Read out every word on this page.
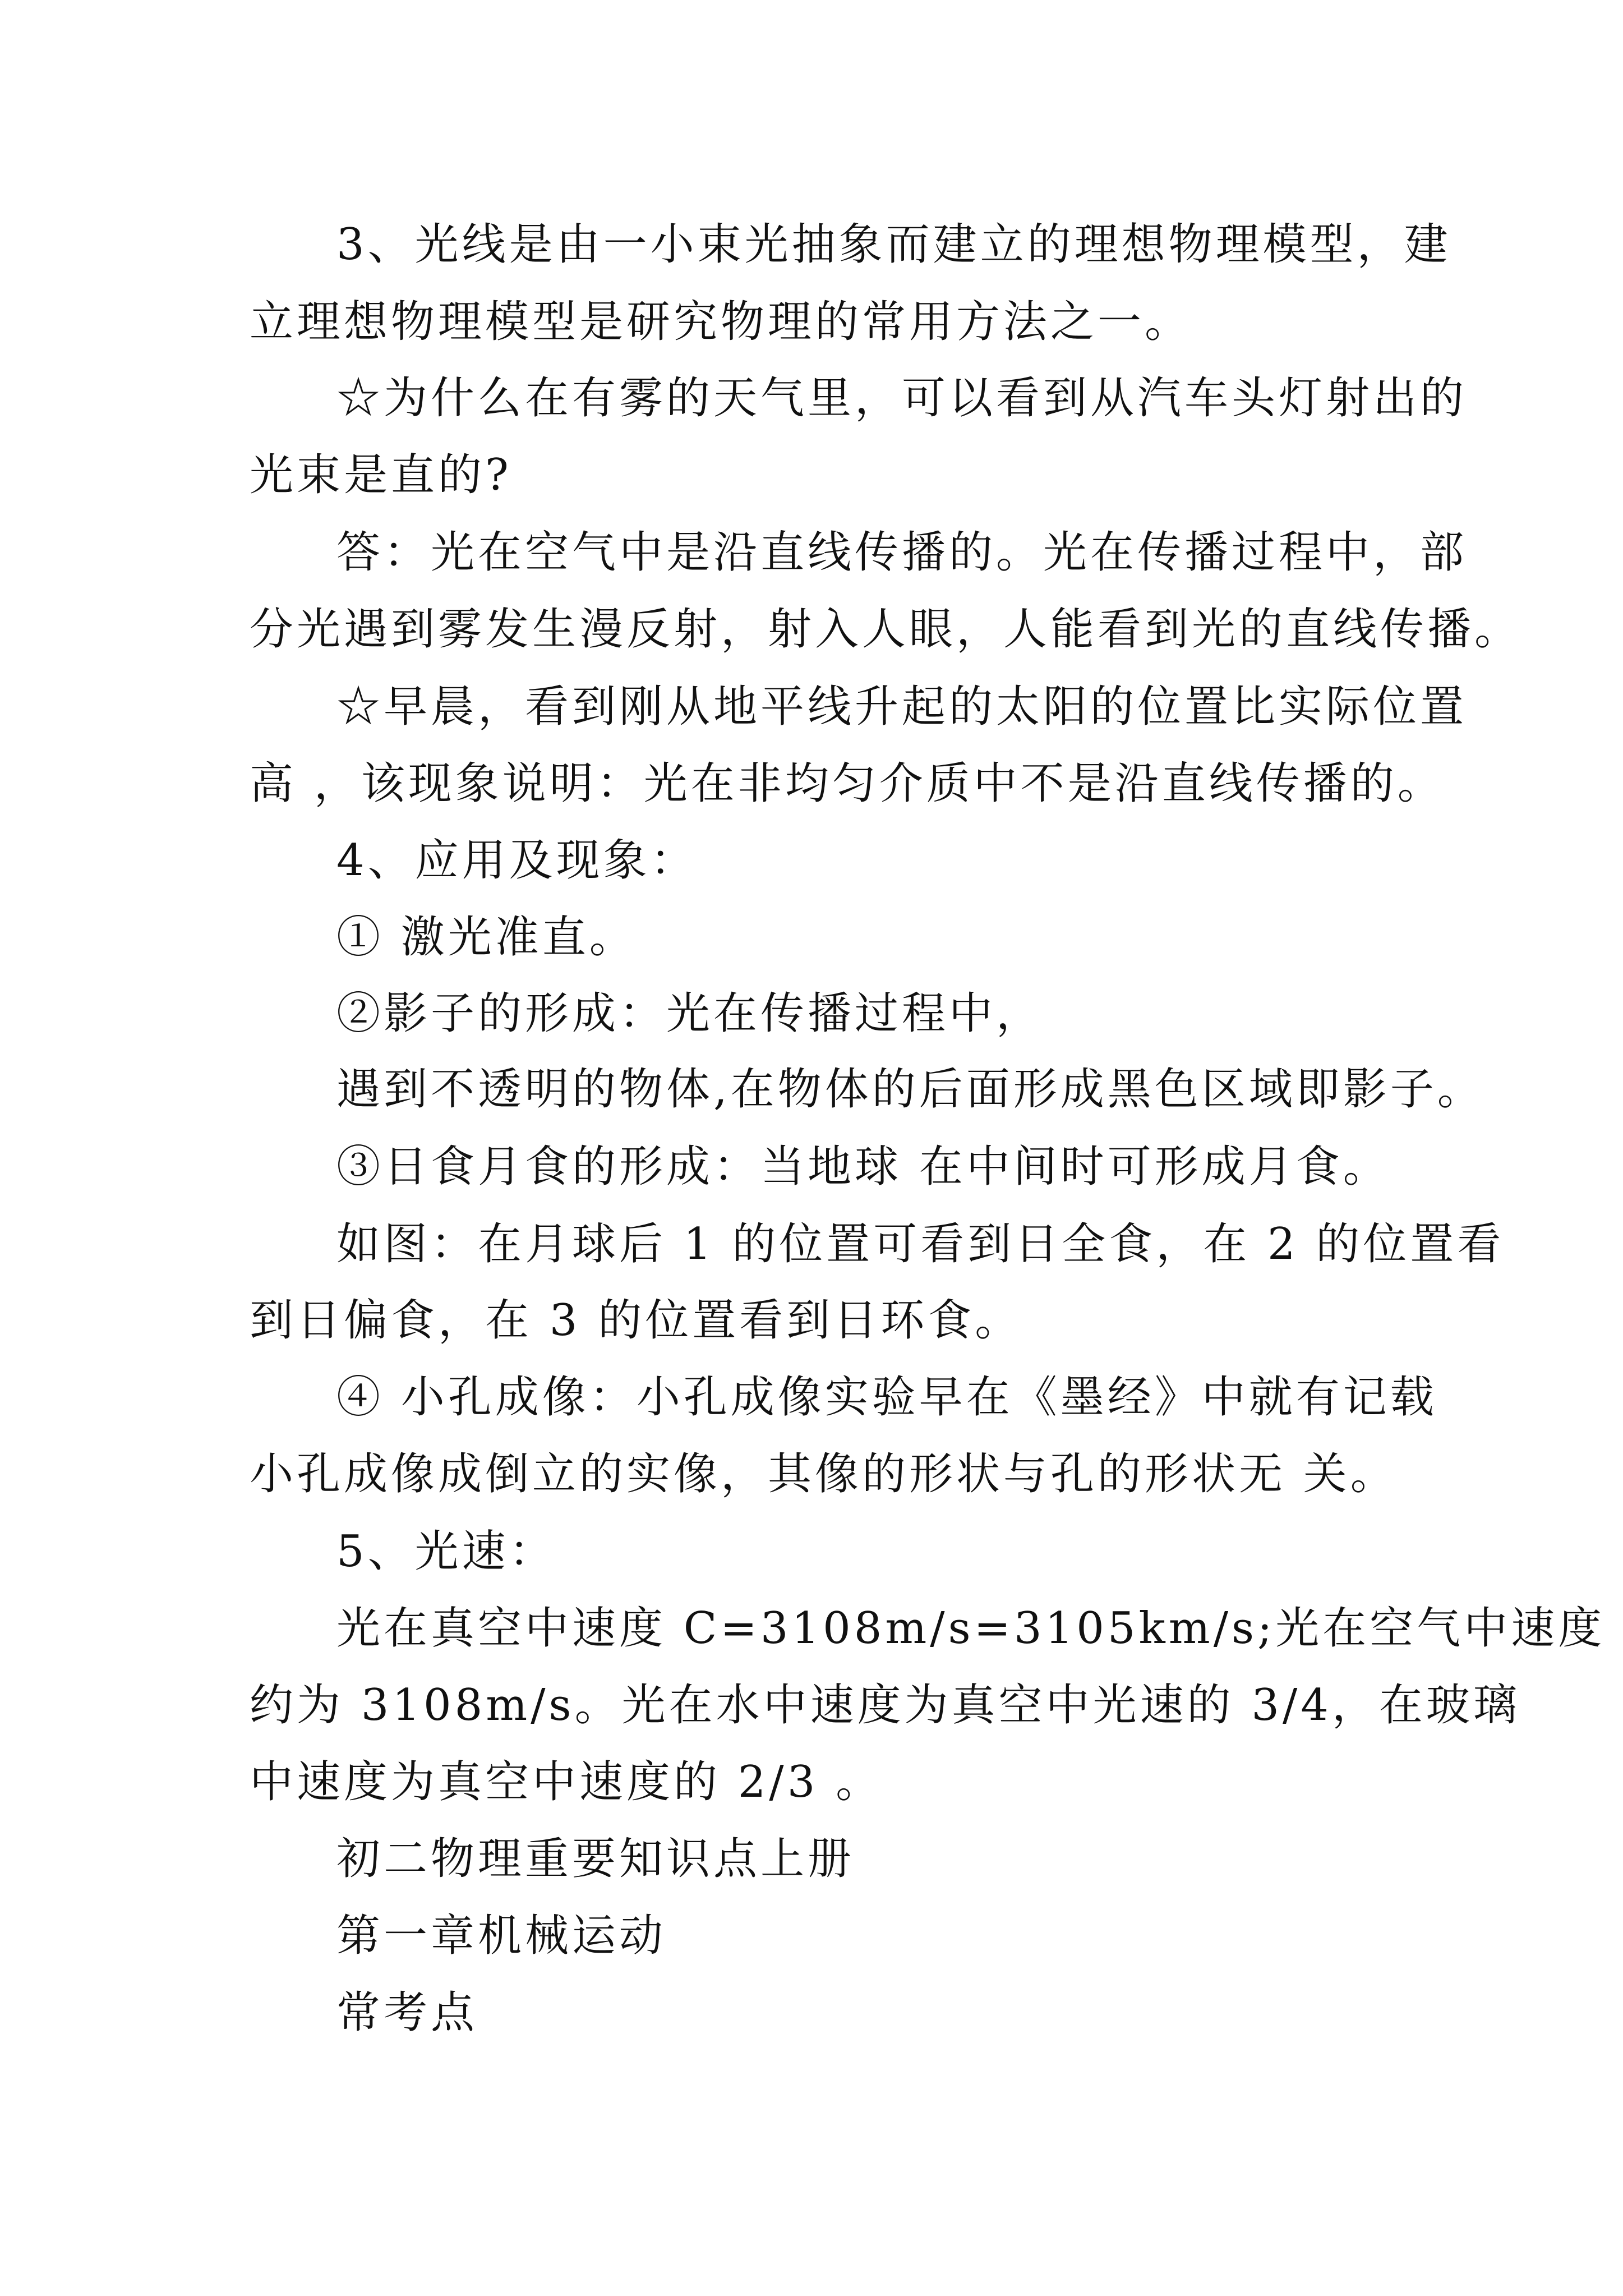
3、光线是由一小束光抽象而建立的理想物理模型，建
立理想物理模型是研究物理的常用方法之一。
☆为什么在有雾的天气里，可以看到从汽车头灯射出的
光束是直的?
答：光在空气中是沿直线传播的。光在传播过程中，部
分光遇到雾发生漫反射，射入人眼，人能看到光的直线传播。
☆早晨，看到刚从地平线升起的太阳的位置比实际位置
高 ，该现象说明：光在非均匀介质中不是沿直线传播的。
4、应用及现象：
① 激光准直。
②影子的形成：光在传播过程中，
遇到不透明的物体,在物体的后面形成黑色区域即影子。
③日食月食的形成：当地球 在中间时可形成月食。
如图：在月球后 1 的位置可看到日全食，在 2 的位置看
到日偏食，在 3 的位置看到日环食。
④ 小孔成像：小孔成像实验早在《墨经》中就有记载
小孔成像成倒立的实像，其像的形状与孔的形状无 关。
5、光速：
光在真空中速度 C=3108m/s=3105km/s;光在空气中速度
约为 3108m/s。光在水中速度为真空中光速的 3/4，在玻璃
中速度为真空中速度的 2/3 。
初二物理重要知识点上册
第一章机械运动
常考点
